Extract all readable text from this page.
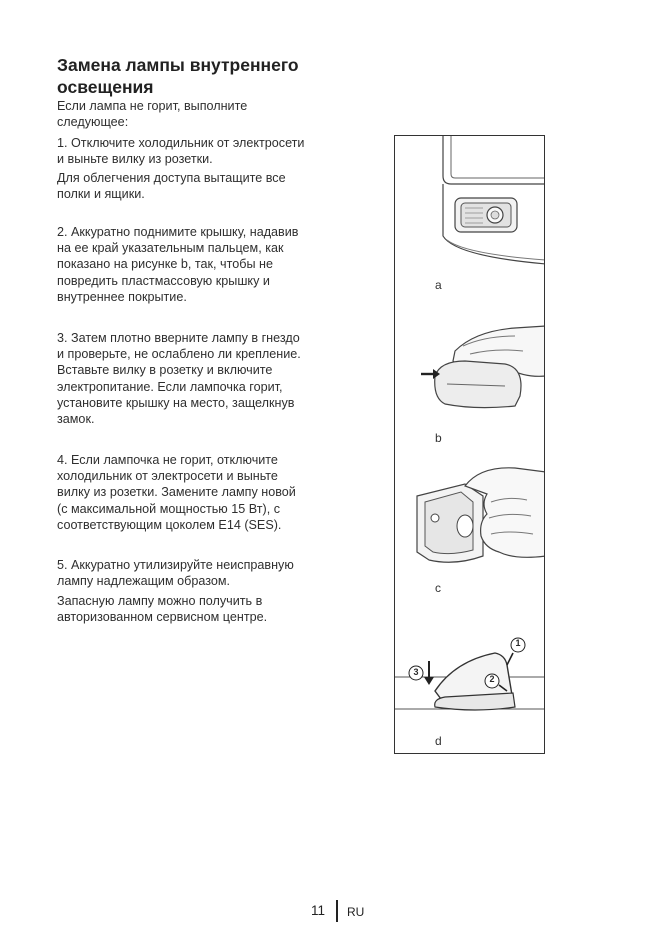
Замена лампы внутреннего освещения
Если лампа не горит, выполните
следующее:
1. Отключите холодильник от электросети
и выньте вилку из розетки.
Для облегчения доступа вытащите все
полки и ящики.
2. Аккуратно поднимите крышку, надавив
на ее край указательным пальцем, как
показано на рисунке b, так, чтобы не
повредить пластмассовую крышку и
внутреннее покрытие.
3. Затем плотно вверните лампу в гнездо
и проверьте, не ослаблено ли крепление.
Вставьте вилку в розетку и включите
электропитание. Если лампочка горит,
установите крышку на место, защелкнув
замок.
4. Если лампочка не горит, отключите
холодильник от электросети и выньте
вилку из розетки. Замените лампу новой
(с максимальной мощностью 15 Вт), с
соответствующим цоколем Е14 (SES).
5. Аккуратно утилизируйте неисправную
лампу надлежащим образом.
Запасную лампу можно получить в
авторизованном сервисном центре.
a
b
c
1
2
3
d
11 RU
